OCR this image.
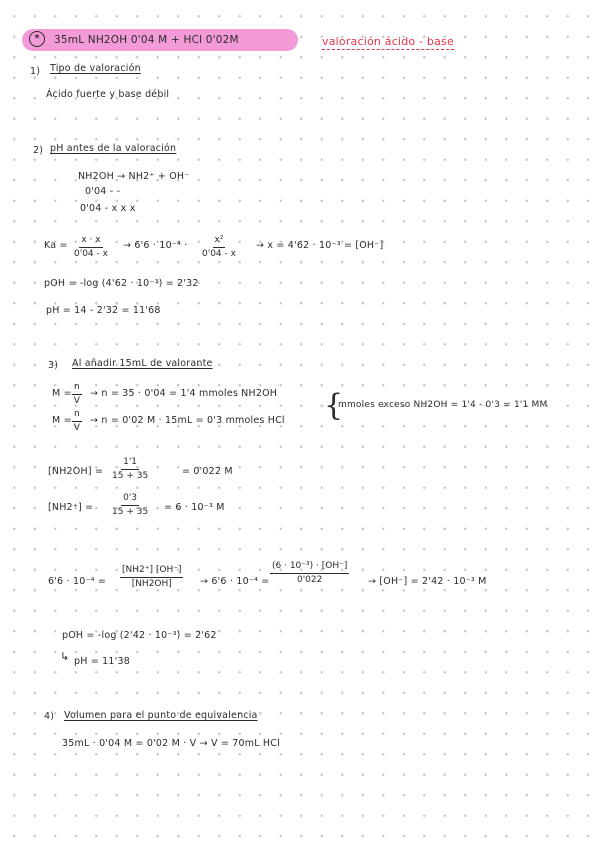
*	35mL NH2OH 0'04 M + HCl 0'02M	valoración ácido - base
1) Tipo de valoración
Ácido fuerte y base débil
2) pH antes de la valoración
NH2OH → NH2⁺ + OH⁻
0'04 - -
0'04 - x x x
$Ka = \frac{x \cdot x}{0'04 - x} \to 6'6 \cdot 10^{-4} \cdot \frac{\text{x²}}{0'04 - x} \to x = 4'62 \cdot 10^{-3} = [OH^-]$
pOH = -log (4'62 · 10⁻³) = 2'32
pH = 14 - 2'32 = 11'68
3) Al añadir 15mL de valorante
$M = \frac{n}{V} \to n = 35 \cdot 0'04 = 1'4$ mmoles NH2OH
$M = \frac{n}{V} \to n = 0'02$ M · 15mL = 0'3 mmoles HCl {
mmoles exceso NH2OH = 1'4 - 0'3 = 1'1 MM
$[NH2OH] = \frac{1'1}{15 + 35}$	= 0'022 M
$[NH2^+] = \frac{0'3}{15 + 35} = 6 \cdot 10^{-3}$ M
$6'6 \cdot 10^{-4} = \frac{[NH2^+] [OH^-]}{[NH2OH]} \to 6'6 \cdot 10^{-4} = \frac{\text{(6 · 10⁻³) · [OH⁻]}}{0'022} \to [OH^-] = 2'42 \cdot 10^{-3}$ M
pOH = -log (2'42 · 10⁻³) = 2'62
↳ pH = 11'38
4) Volumen para el punto de equivalencia
35mL · 0'04 M = 0'02 M · V → V = 70mL HCl
